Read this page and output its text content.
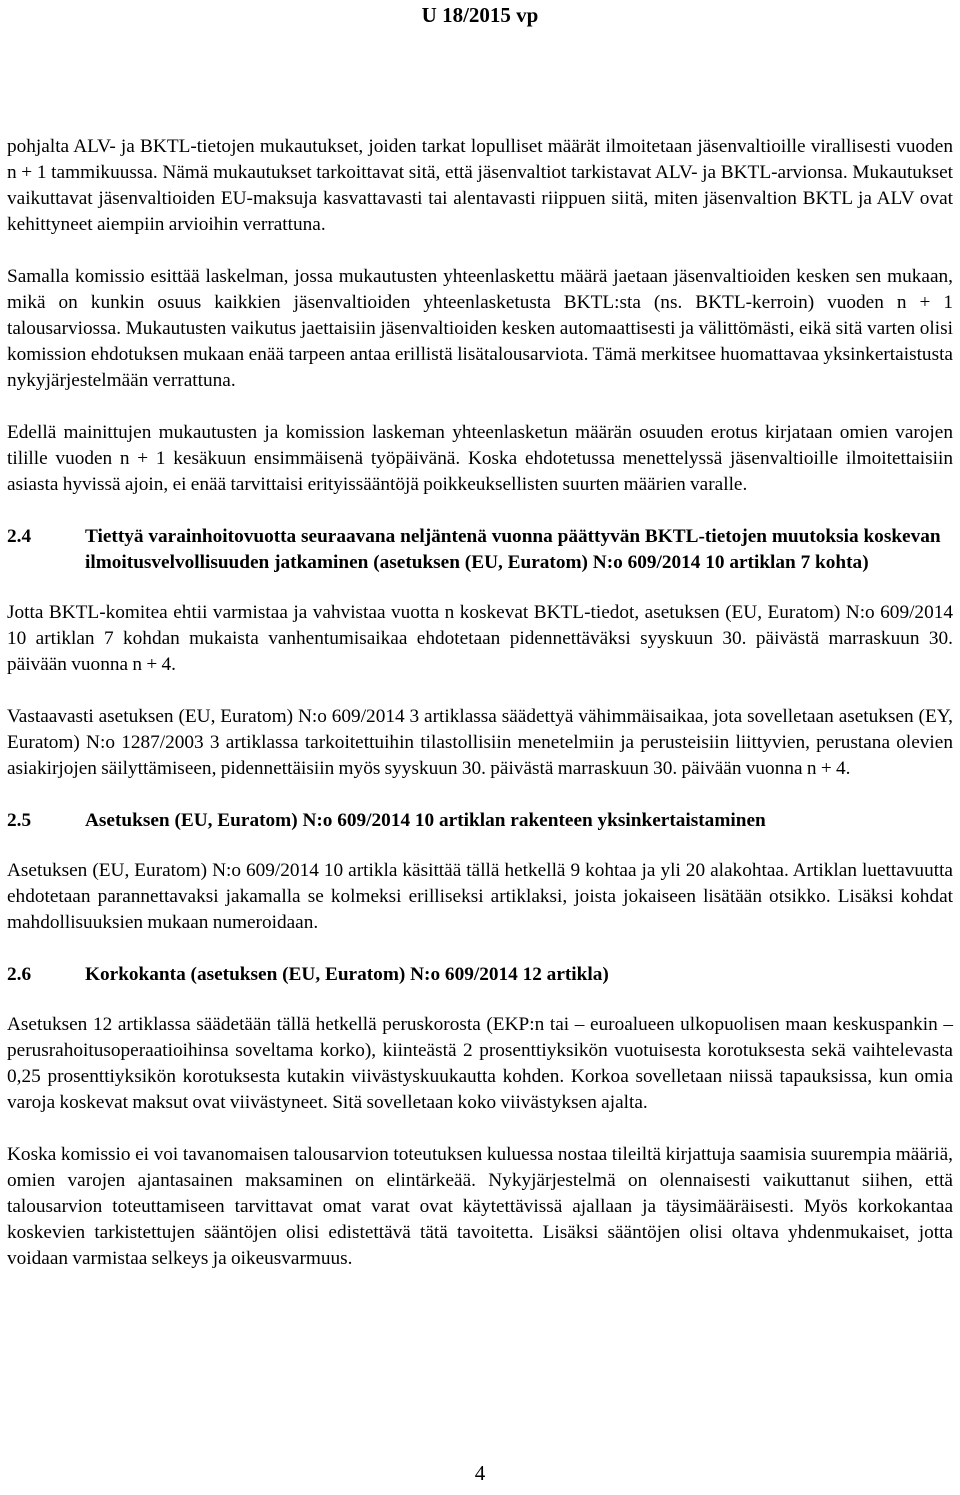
U 18/2015 vp

pohjalta ALV- ja BKTL-tietojen mukautukset, joiden tarkat lopulliset määrät ilmoitetaan jäsenvaltioille virallisesti vuoden n + 1 tammikuussa. Nämä mukautukset tarkoittavat sitä, että jäsenvaltiot tarkistavat ALV- ja BKTL-arvionsa. Mukautukset vaikuttavat jäsenvaltioiden EU-maksuja kasvattavasti tai alentavasti riippuen siitä, miten jäsenvaltion BKTL ja ALV ovat kehittyneet aiempiin arvioihin verrattuna.

Samalla komissio esittää laskelman, jossa mukautusten yhteenlaskettu määrä jaetaan jäsenvaltioiden kesken sen mukaan, mikä on kunkin osuus kaikkien jäsenvaltioiden yhteenlasketusta BKTL:sta (ns. BKTL-kerroin) vuoden n + 1 talousarviossa. Mukautusten vaikutus jaettaisiin jäsenvaltioiden kesken automaattisesti ja välittömästi, eikä sitä varten olisi komission ehdotuksen mukaan enää tarpeen antaa erillistä lisätalousarviota. Tämä merkitsee huomattavaa yksinkertaistusta nykyjärjestelmään verrattuna.

Edellä mainittujen mukautusten ja komission laskeman yhteenlasketun määrän osuuden erotus kirjataan omien varojen tilille vuoden n + 1 kesäkuun ensimmäisenä työpäivänä. Koska ehdotetussa menettelyssä jäsenvaltioille ilmoitettaisiin asiasta hyvissä ajoin, ei enää tarvittaisi erityissääntöjä poikkeuksellisten suurten määrien varalle.

2.4	Tiettyä varainhoitovuotta seuraavana neljäntenä vuonna päättyvän BKTL-tietojen muutoksia koskevan ilmoitusvelvollisuuden jatkaminen (asetuksen (EU, Euratom) N:o 609/2014 10 artiklan 7 kohta)

Jotta BKTL-komitea ehtii varmistaa ja vahvistaa vuotta n koskevat BKTL-tiedot, asetuksen (EU, Euratom) N:o 609/2014 10 artiklan 7 kohdan mukaista vanhentumisaikaa ehdotetaan pidennettäväksi syyskuun 30. päivästä marraskuun 30. päivään vuonna n + 4.

Vastaavasti asetuksen (EU, Euratom) N:o 609/2014 3 artiklassa säädettyä vähimmäisaikaa, jota sovelletaan asetuksen (EY, Euratom) N:o 1287/2003 3 artiklassa tarkoitettuihin tilastollisiin menetelmiin ja perusteisiin liittyvien, perustana olevien asiakirjojen säilyttämiseen, pidennettäisiin myös syyskuun 30. päivästä marraskuun 30. päivään vuonna n + 4.

2.5	Asetuksen (EU, Euratom) N:o 609/2014 10 artiklan rakenteen yksinkertaistaminen

Asetuksen (EU, Euratom) N:o 609/2014 10 artikla käsittää tällä hetkellä 9 kohtaa ja yli 20 alakohtaa. Artiklan luettavuutta ehdotetaan parannettavaksi jakamalla se kolmeksi erilliseksi artiklaksi, joista jokaiseen lisätään otsikko. Lisäksi kohdat mahdollisuuksien mukaan numeroidaan.

2.6	Korkokanta (asetuksen (EU, Euratom) N:o 609/2014 12 artikla)

Asetuksen 12 artiklassa säädetään tällä hetkellä peruskorosta (EKP:n tai – euroalueen ulkopuolisen maan keskuspankin – perusrahoitusoperaatioihinsa soveltama korko), kiinteästä 2 prosenttiyksikön vuotuisesta korotuksesta sekä vaihtelevasta 0,25 prosenttiyksikön korotuksesta kutakin viivästyskuukautta kohden. Korkoa sovelletaan niissä tapauksissa, kun omia varoja koskevat maksut ovat viivästyneet. Sitä sovelletaan koko viivästyksen ajalta.

Koska komissio ei voi tavanomaisen talousarvion toteutuksen kuluessa nostaa tileiltä kirjattuja saamisia suurempia määriä, omien varojen ajantasainen maksaminen on elintärkeää. Nykyjärjestelmä on olennaisesti vaikuttanut siihen, että talousarvion toteuttamiseen tarvittavat omat varat ovat käytettävissä ajallaan ja täysimääräisesti. Myös korkokantaa koskevien tarkistettujen sääntöjen olisi edistettävä tätä tavoitetta. Lisäksi sääntöjen olisi oltava yhdenmukaiset, jotta voidaan varmistaa selkeys ja oikeusvarmuus.

4
